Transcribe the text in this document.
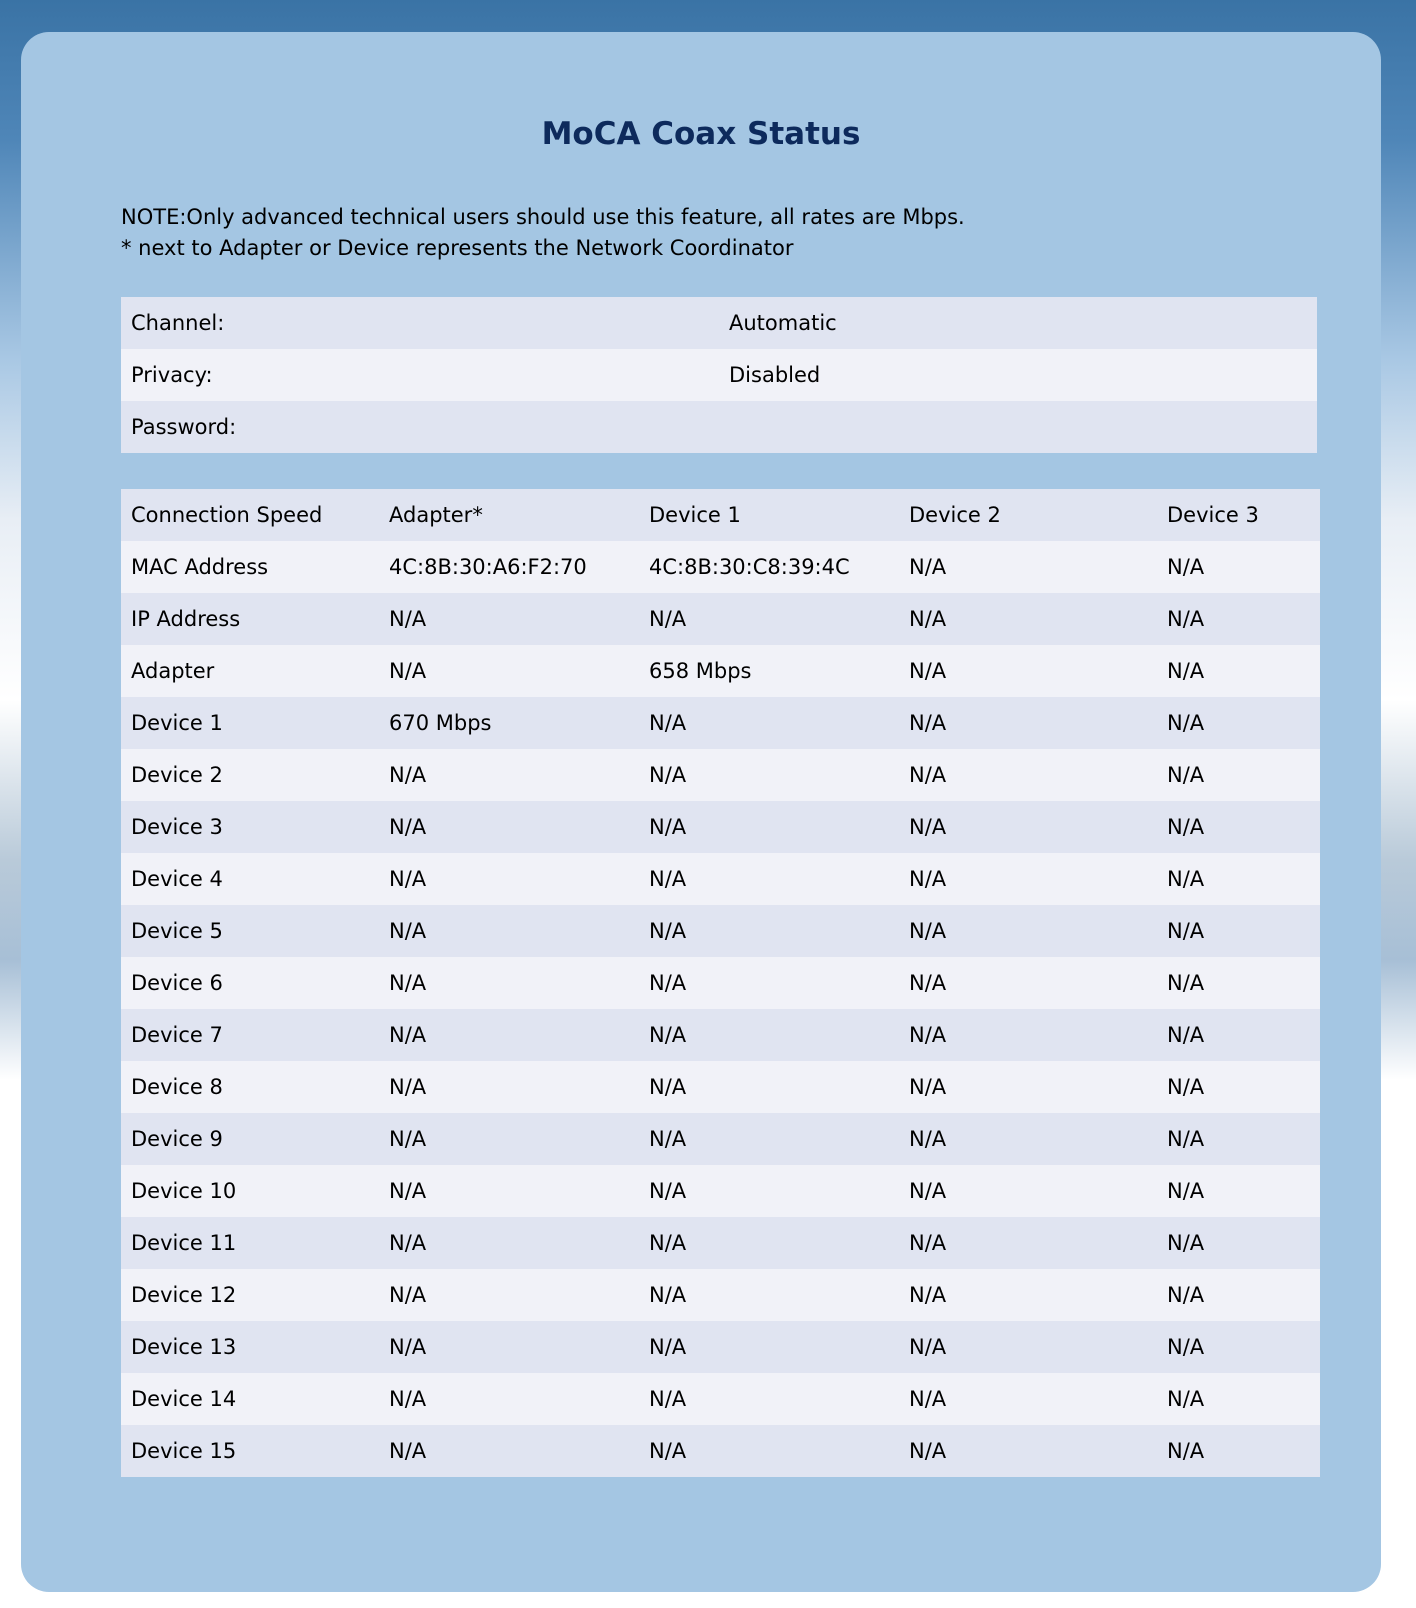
MoCA Coax Status
NOTE:Only advanced technical users should use this feature, all rates are Mbps.
* next to Adapter or Device represents the Network Coordinator
Channel:	Automatic
Privacy:	Disabled
Password:	
Connection Speed	Adapter*	Device 1	Device 2	Device 3
MAC Address	4C:8B:30:A6:F2:70	4C:8B:30:C8:39:4C	N/A	N/A
IP Address	N/A	N/A	N/A	N/A
Adapter	N/A	658 Mbps	N/A	N/A
Device 1	670 Mbps	N/A	N/A	N/A
Device 2	N/A	N/A	N/A	N/A
Device 3	N/A	N/A	N/A	N/A
Device 4	N/A	N/A	N/A	N/A
Device 5	N/A	N/A	N/A	N/A
Device 6	N/A	N/A	N/A	N/A
Device 7	N/A	N/A	N/A	N/A
Device 8	N/A	N/A	N/A	N/A
Device 9	N/A	N/A	N/A	N/A
Device 10	N/A	N/A	N/A	N/A
Device 11	N/A	N/A	N/A	N/A
Device 12	N/A	N/A	N/A	N/A
Device 13	N/A	N/A	N/A	N/A
Device 14	N/A	N/A	N/A	N/A
Device 15	N/A	N/A	N/A	N/A
